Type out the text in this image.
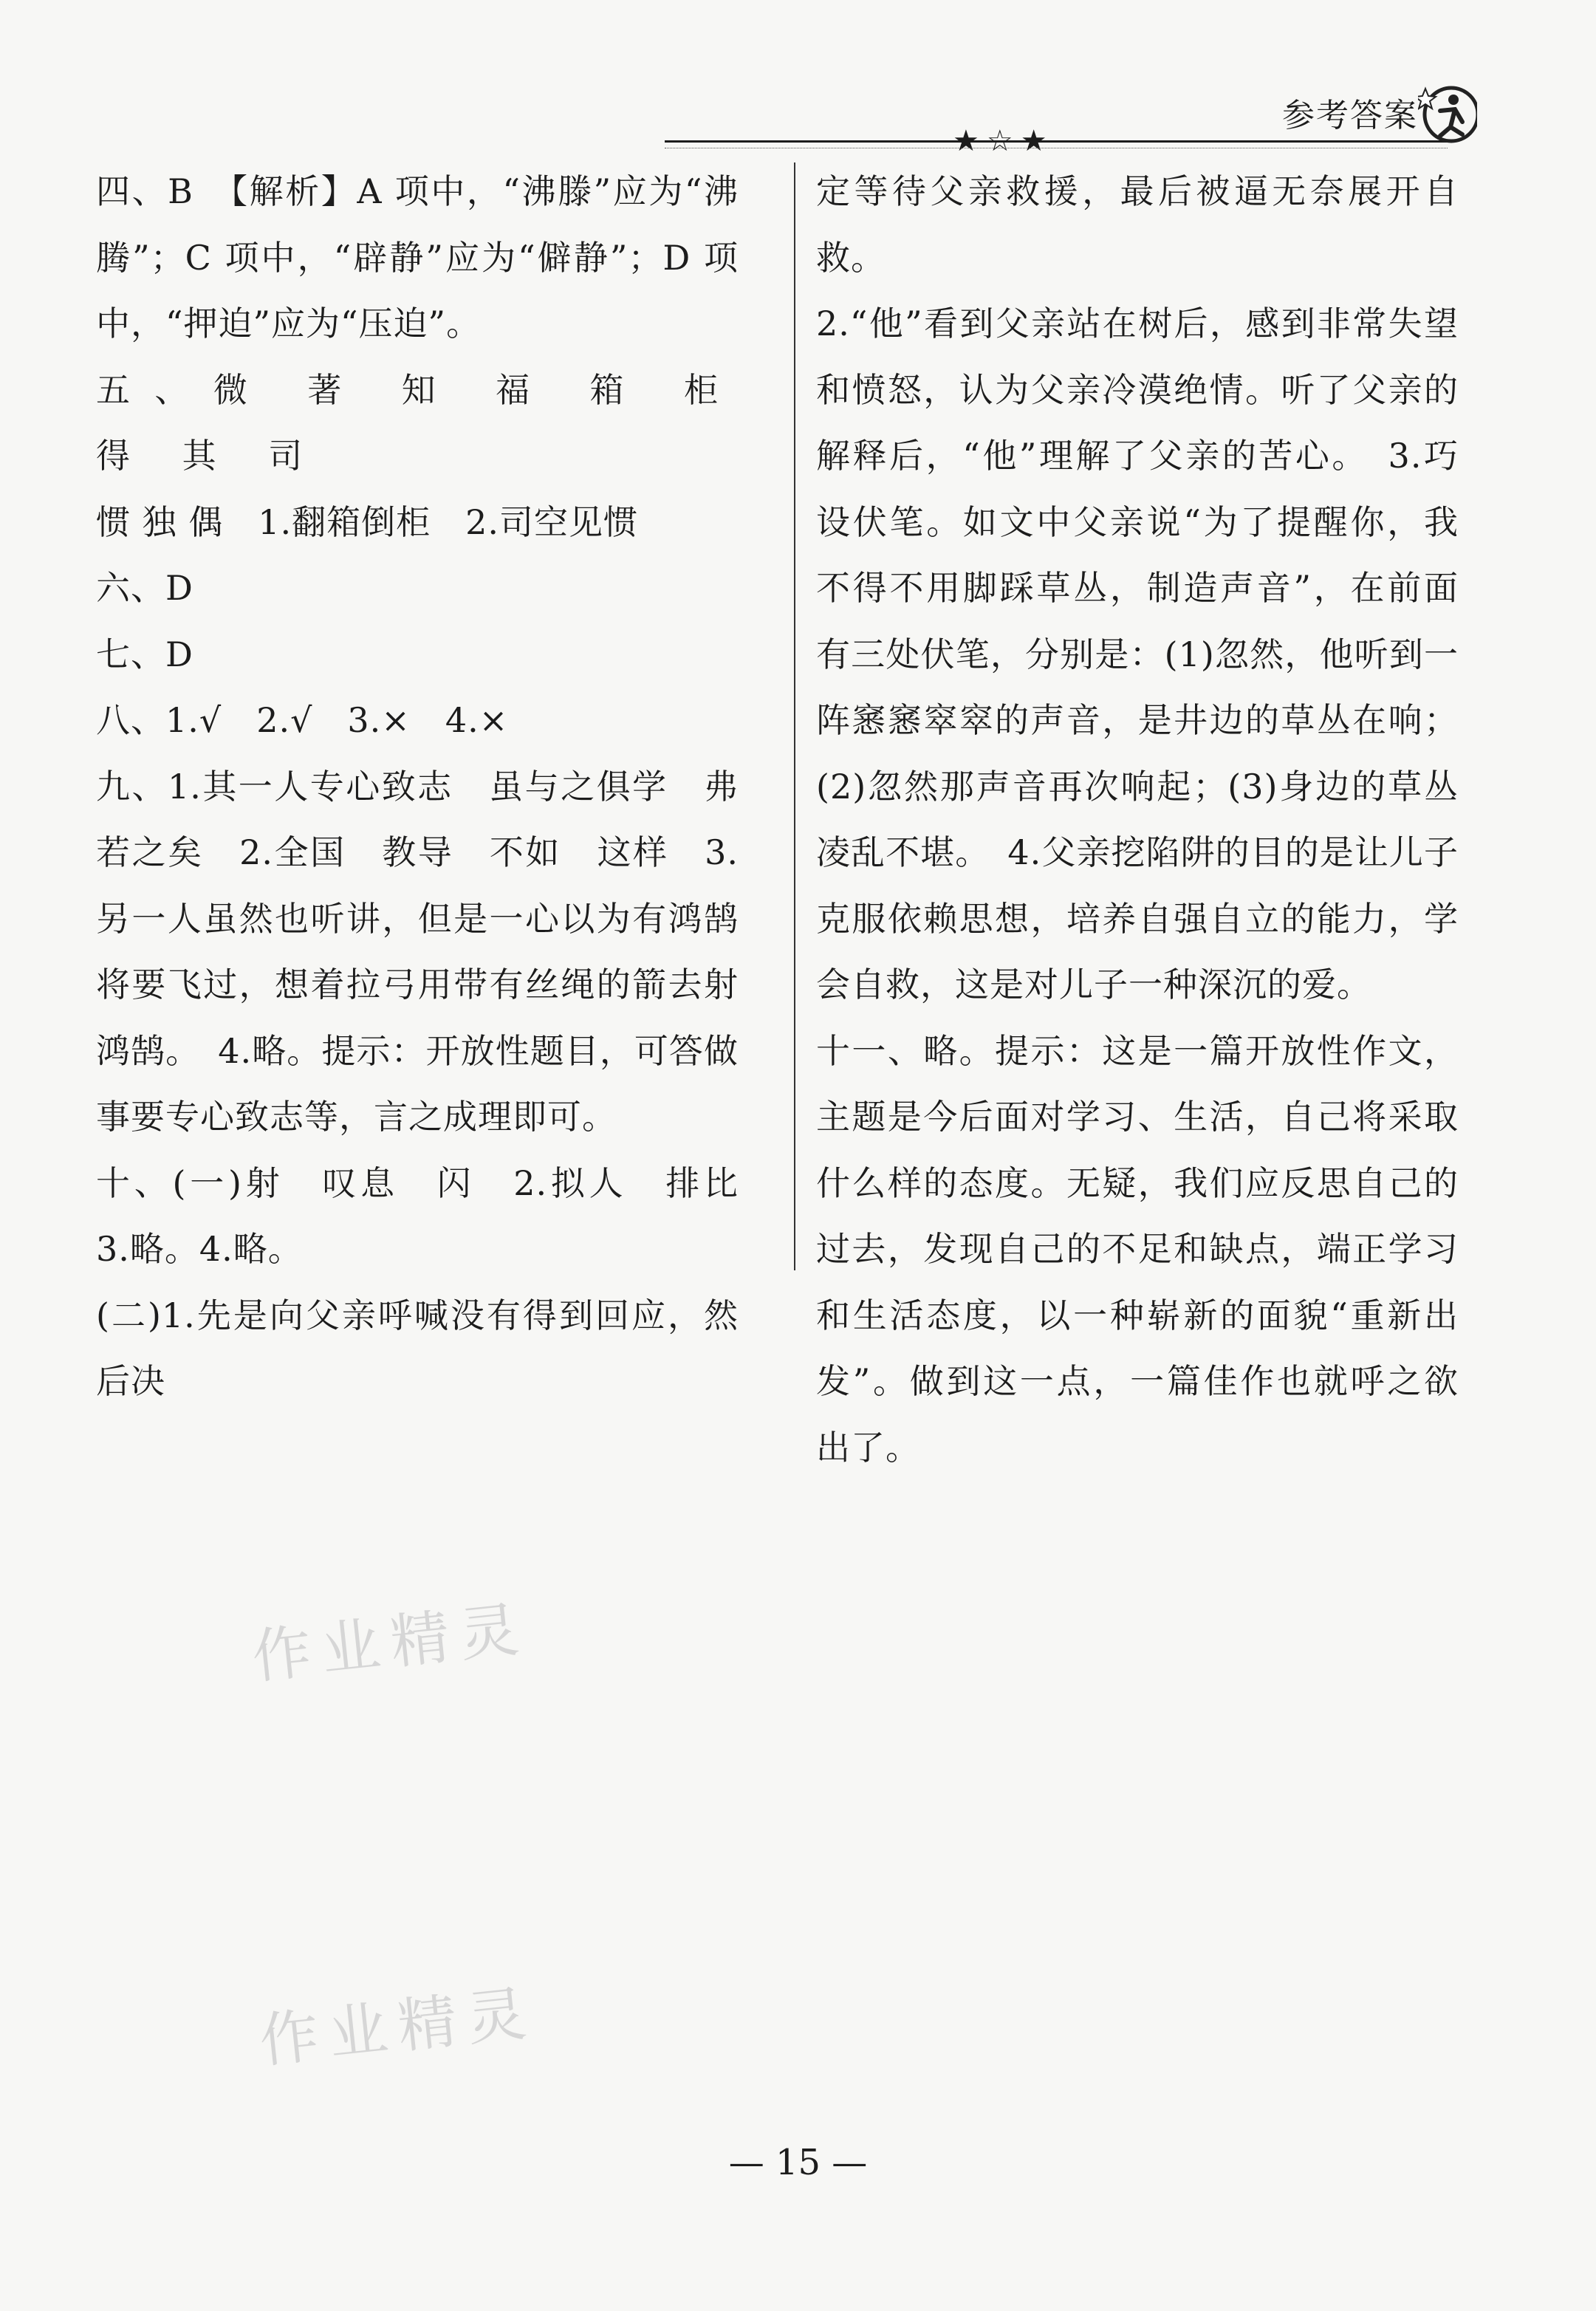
参考答案
★☆★

四、B　【解析】A 项中，“沸滕”应为“沸腾”；C 项中，“辟静”应为“僻静”；D 项中，“押迫”应为“压迫”。

五、微 著 知 福 箱 柜 得 其 司

惯 独 偶　1.翻箱倒柜　2.司空见惯

六、D

七、D

八、1.√　2.√　3.×　4.×

九、1.其一人专心致志　虽与之俱学　弗若之矣　2.全国　教导　不如　这样　3.另一人虽然也听讲，但是一心以为有鸿鹄将要飞过，想着拉弓用带有丝绳的箭去射鸿鹄。　4.略。提示：开放性题目，可答做事要专心致志等，言之成理即可。

十、(一)射　叹息　闪　2.拟人　排比　3.略。4.略。

(二)1.先是向父亲呼喊没有得到回应，然后决

定等待父亲救援，最后被逼无奈展开自救。

2.“他”看到父亲站在树后，感到非常失望和愤怒，认为父亲冷漠绝情。听了父亲的解释后，“他”理解了父亲的苦心。　3.巧设伏笔。如文中父亲说“为了提醒你，我不得不用脚踩草丛，制造声音”，在前面有三处伏笔，分别是：(1)忽然，他听到一阵窸窸窣窣的声音，是井边的草丛在响；(2)忽然那声音再次响起；(3)身边的草丛凌乱不堪。　4.父亲挖陷阱的目的是让儿子克服依赖思想，培养自强自立的能力，学会自救，这是对儿子一种深沉的爱。

十一、略。提示：这是一篇开放性作文，主题是今后面对学习、生活，自己将采取什么样的态度。无疑，我们应反思自己的过去，发现自己的不足和缺点，端正学习和生活态度，以一种崭新的面貌“重新出发”。做到这一点，一篇佳作也就呼之欲出了。

作业精灵
作业精灵
— 15 —
